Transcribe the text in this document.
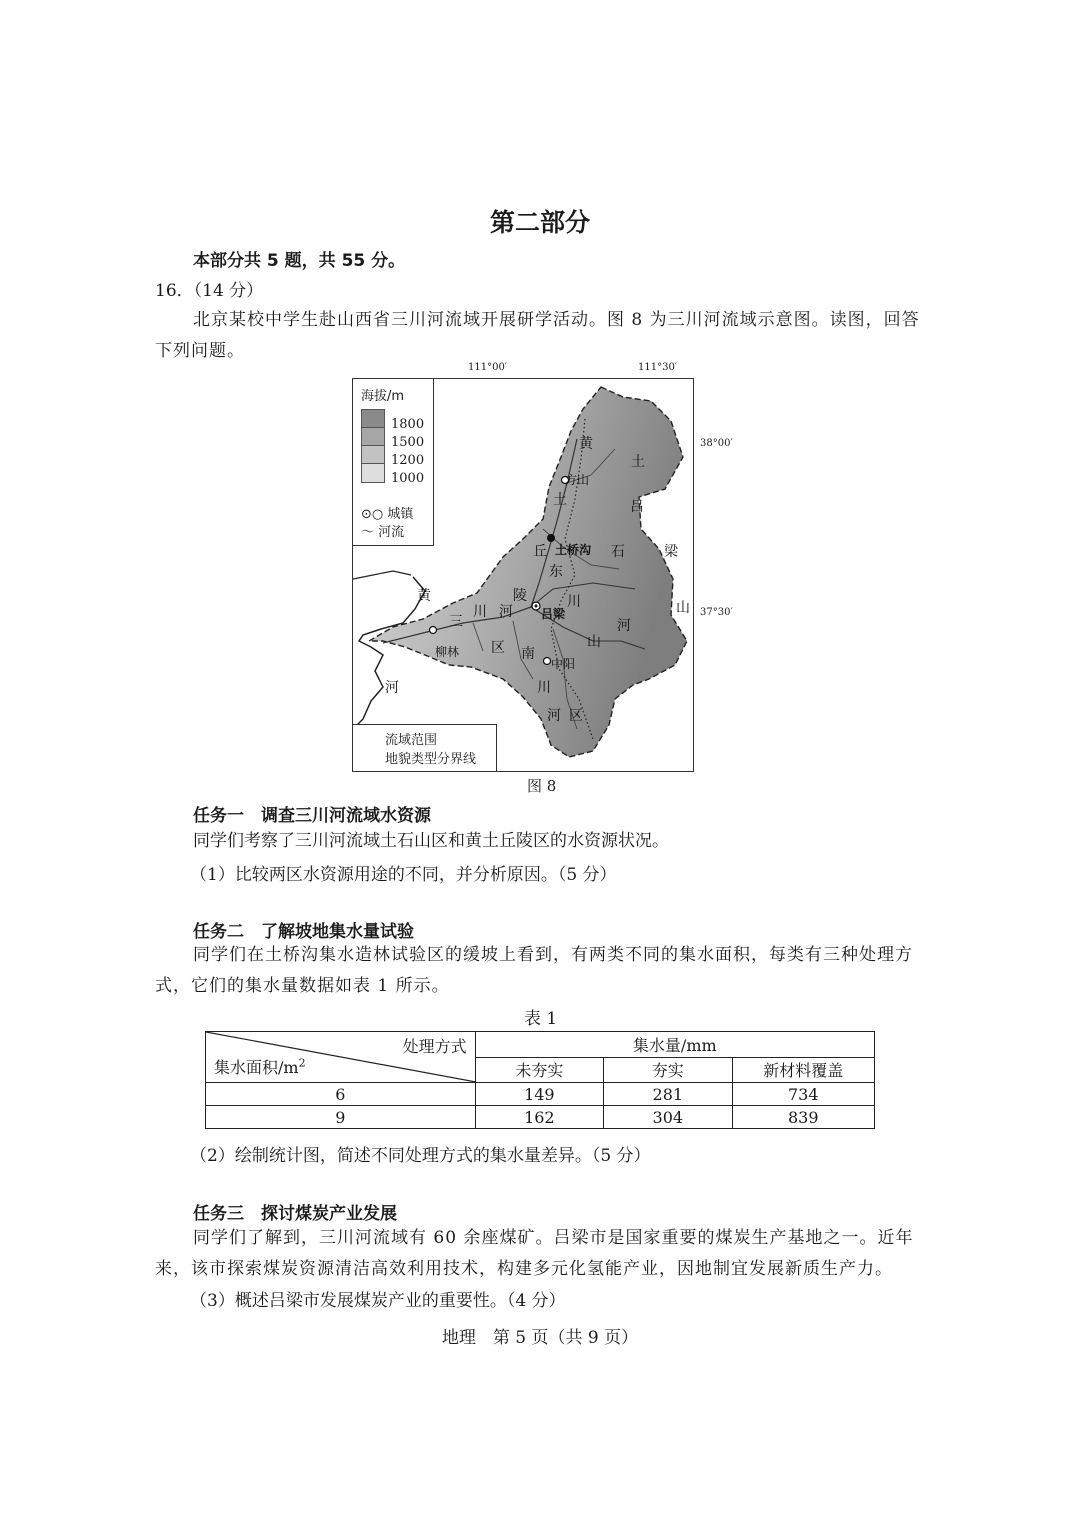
第二部分
本部分共 5 题，共 55 分。
16．（14 分）
北京某校中学生赴山西省三川河流域开展研学活动。图 8 为三川河流域示意图。读图，回答下列问题。
111°00′	111°30′
38°00′
37°30′
黄
土
丘
陵
区
土
石
东
川
河
山
三
川 河
南
川
河 区
黄
河
方山
土桥沟
吕梁
柳林
中阳
吕
梁
山
海拔/m
1800
1500
1200
1000
⊙○ 城镇
〜 河流
流域范围
地貌类型分界线
图 8
任务一　调查三川河流域水资源
同学们考察了三川河流域土石山区和黄土丘陵区的水资源状况。
（1）比较两区水资源用途的不同，并分析原因。（5 分）
任务二　了解坡地集水量试验
同学们在土桥沟集水造林试验区的缓坡上看到，有两类不同的集水面积，每类有三种处理方式，它们的集水量数据如表 1 所示。
表 1
处理方式
集水面积$/m^2$	集水量/mm		
	未夯实	夯实	新材料覆盖
6	149	281	734
9	162	304	839
（2）绘制统计图，简述不同处理方式的集水量差异。（5 分）
任务三　探讨煤炭产业发展
同学们了解到，三川河流域有 60 余座煤矿。吕梁市是国家重要的煤炭生产基地之一。近年来，该市探索煤炭资源清洁高效利用技术，构建多元化氢能产业，因地制宜发展新质生产力。
（3）概述吕梁市发展煤炭产业的重要性。（4 分）
地理　第 5 页（共 9 页）
